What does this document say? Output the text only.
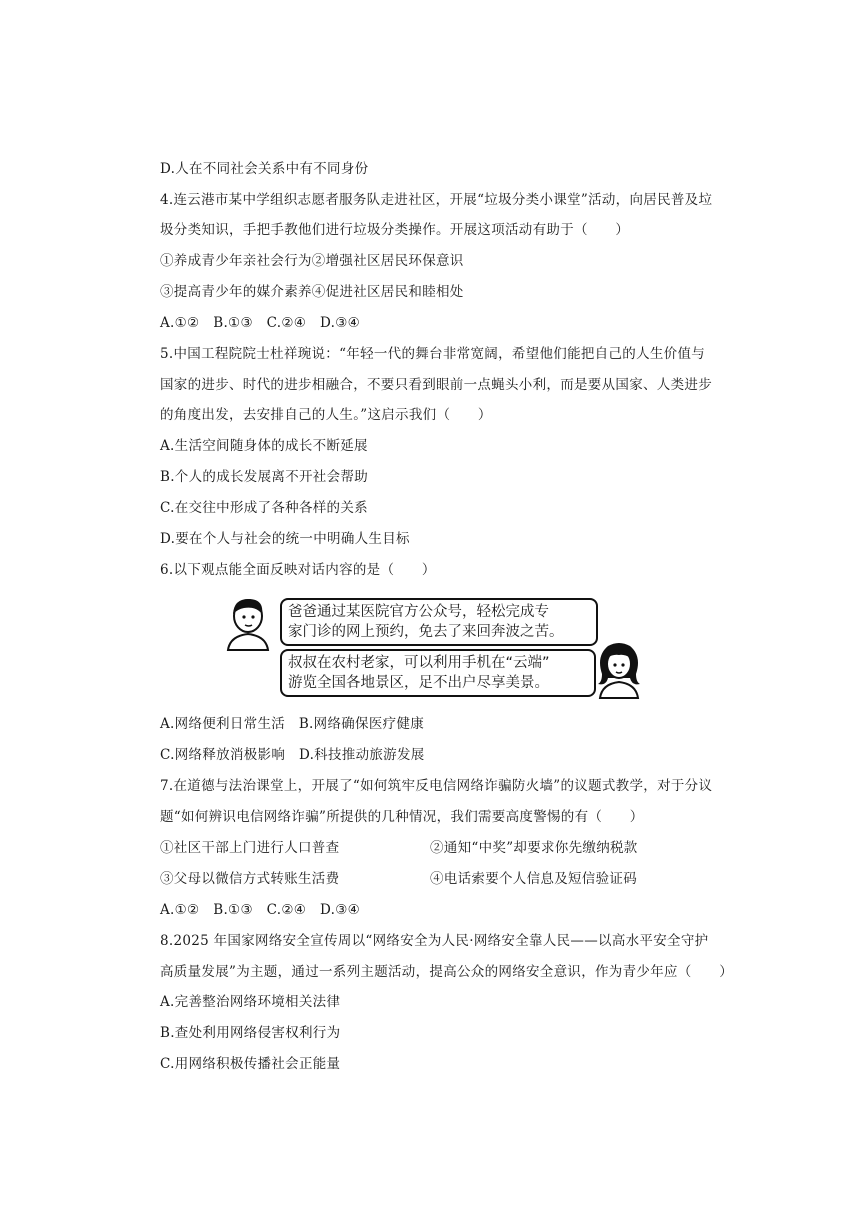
D.人在不同社会关系中有不同身份
4.连云港市某中学组织志愿者服务队走进社区，开展“垃圾分类小课堂”活动，向居民普及垃
圾分类知识，手把手教他们进行垃圾分类操作。开展这项活动有助于（　　）
①养成青少年亲社会行为②增强社区居民环保意识
③提高青少年的媒介素养④促进社区居民和睦相处
A.①②　B.①③　C.②④　D.③④
5.中国工程院院士杜祥琬说：“年轻一代的舞台非常宽阔，希望他们能把自己的人生价值与
国家的进步、时代的进步相融合，不要只看到眼前一点蝇头小利，而是要从国家、人类进步
的角度出发，去安排自己的人生。”这启示我们（　　）
A.生活空间随身体的成长不断延展
B.个人的成长发展离不开社会帮助
C.在交往中形成了各种各样的关系
D.要在个人与社会的统一中明确人生目标
6.以下观点能全面反映对话内容的是（　　）
爸爸通过某医院官方公众号，轻松完成专
家门诊的网上预约，免去了来回奔波之苦。
叔叔在农村老家，可以利用手机在“云端”
游览全国各地景区，足不出户尽享美景。
A.网络便利日常生活　B.网络确保医疗健康
C.网络释放消极影响　D.科技推动旅游发展
7.在道德与法治课堂上，开展了“如何筑牢反电信网络诈骗防火墙”的议题式教学，对于分议
题“如何辨识电信网络诈骗”所提供的几种情况，我们需要高度警惕的有（　　）
①社区干部上门进行人口普查	②通知“中奖”却要求你先缴纳税款
③父母以微信方式转账生活费	④电话索要个人信息及短信验证码
A.①②　B.①③　C.②④　D.③④
8.2025 年国家网络安全宣传周以“网络安全为人民·网络安全靠人民——以高水平安全守护
高质量发展”为主题，通过一系列主题活动，提高公众的网络安全意识，作为青少年应（　　）
A.完善整治网络环境相关法律
B.查处利用网络侵害权利行为
C.用网络积极传播社会正能量
